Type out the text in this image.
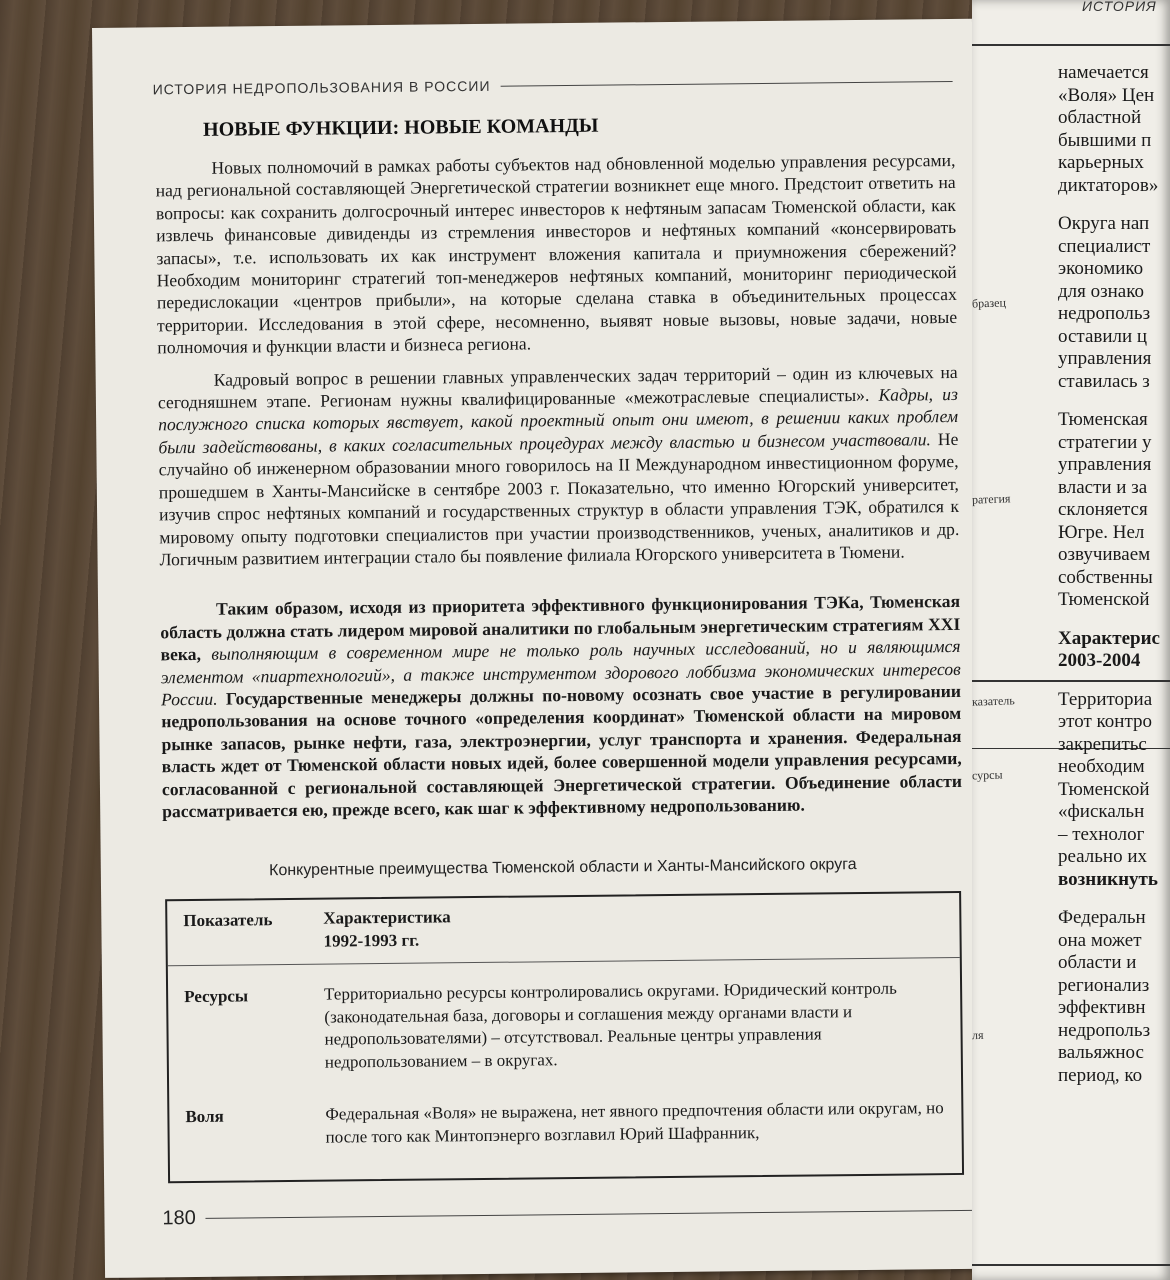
ИСТОРИЯ НЕДРОПОЛЬЗОВАНИЯ В РОССИИ
НОВЫЕ ФУНКЦИИ: НОВЫЕ КОМАНДЫ

Новых полномочий в рамках работы субъектов над обновленной моделью управления ресурсами, над региональной составляющей Энергетической стратегии возникнет еще много. Предстоит ответить на вопросы: как сохранить долгосрочный интерес инвесторов к нефтяным запасам Тюменской области, как извлечь финансовые дивиденды из стремления инвесторов и нефтяных компаний «консервировать запасы», т.е. использовать их как инструмент вложения капитала и приумножения сбережений? Необходим мониторинг стратегий топ-менеджеров нефтяных компаний, мониторинг периодической передислокации «центров прибыли», на которые сделана ставка в объединительных процессах территории. Исследования в этой сфере, несомненно, выявят новые вызовы, новые задачи, новые полномочия и функции власти и бизнеса региона.

Кадровый вопрос в решении главных управленческих задач территорий – один из ключевых на сегодняшнем этапе. Регионам нужны квалифицированные «межотраслевые специалисты». Кадры, из послужного списка которых явствует, какой проектный опыт они имеют, в решении каких проблем были задействованы, в каких согласительных процедурах между властью и бизнесом участвовали. Не случайно об инженерном образовании много говорилось на II Международном инвестиционном форуме, прошедшем в Ханты-Мансийске в сентябре 2003 г. Показательно, что именно Югорский университет, изучив спрос нефтяных компаний и государственных структур в области управления ТЭК, обратился к мировому опыту подготовки специалистов при участии производственников, ученых, аналитиков и др. Логичным развитием интеграции стало бы появление филиала Югорского университета в Тюмени.

Таким образом, исходя из приоритета эффективного функционирования ТЭКа, Тюменская область должна стать лидером мировой аналитики по глобальным энергетическим стратегиям XXI века, выполняющим в современном мире не только роль научных исследований, но и являющимся элементом «пиартехнологий», а также инструментом здорового лоббизма экономических интересов России. Государственные менеджеры должны по-новому осознать свое участие в регулировании недропользования на основе точного «определения координат» Тюменской области на мировом рынке запасов, рынке нефти, газа, электроэнергии, услуг транспорта и хранения. Федеральная власть ждет от Тюменской области новых идей, более совершенной модели управления ресурсами, согласованной с региональной составляющей Энергетической стратегии. Объединение области рассматривается ею, прежде всего, как шаг к эффективному недропользованию.

Конкурентные преимущества Тюменской области и Ханты-Мансийского округа
Показатель	Характеристика
1992-1993 гг.
Ресурсы	Территориально ресурсы контролировались округами. Юридический контроль (законодательная база, договоры и соглашения между органами власти и недропользователями) – отсутствовал. Реальные центры управления недропользованием – в округах.
Воля	Федеральная «Воля» не выражена, нет явного предпочтения области или округам, но после того как Минтопэнерго возглавил Юрий Шафранник,
180
ИСТОРИЯ
бразец
ратегия
казатель
сурсы
ля
намечается
«Воля» Цен
областной
бывшими п
карьерных
диктаторов»
Округа нап
специалист
экономико
для ознако
недропольз
оставили ц
управления
ставилась з
Тюменская
стратегии у
управления
власти и за
склоняется
Югре. Нел
озвучиваем
собственны
Тюменской
Характерис
2003-2004
Территориа
этот контро
закрепитьс
необходим
Тюменской
«фискальн
– технолог
реально их
возникнуть
Федеральн
она может
области и
регионализ
эффективн
недропольз
вальяжнос
период, ко
